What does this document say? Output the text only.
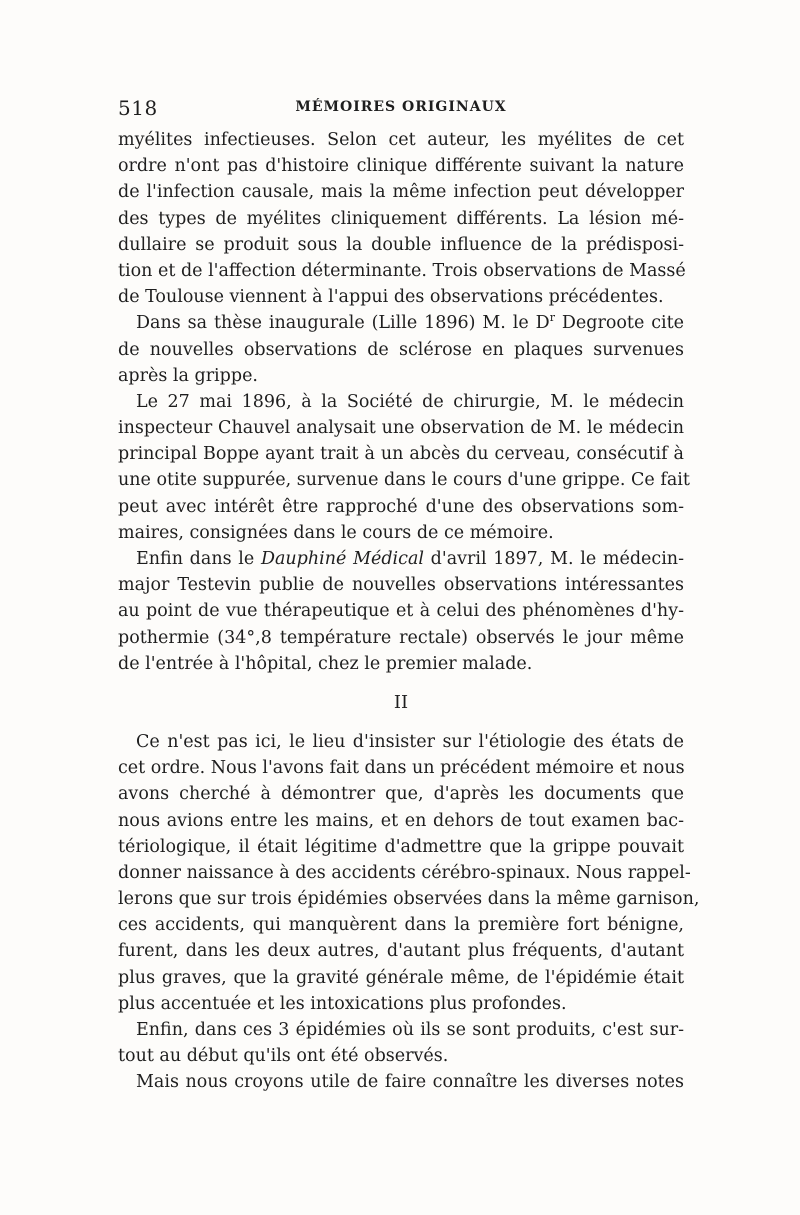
518	MÉMOIRES ORIGINAUX
myélites infectieuses. Selon cet auteur, les myélites de cet
ordre n'ont pas d'histoire clinique différente suivant la nature
de l'infection causale, mais la même infection peut développer
des types de myélites cliniquement différents. La lésion mé-
dullaire se produit sous la double influence de la prédisposi-
tion et de l'affection déterminante. Trois observations de Massé
de Toulouse viennent à l'appui des observations précédentes.
Dans sa thèse inaugurale (Lille 1896) M. le $D^r$ Degroote cite
de nouvelles observations de sclérose en plaques survenues
après la grippe.
Le 27 mai 1896, à la Société de chirurgie, M. le médecin
inspecteur Chauvel analysait une observation de M. le médecin
principal Boppe ayant trait à un abcès du cerveau, consécutif à
une otite suppurée, survenue dans le cours d'une grippe. Ce fait
peut avec intérêt être rapproché d'une des observations som-
maires, consignées dans le cours de ce mémoire.
Enfin dans le Dauphiné Médical d'avril 1897, M. le médecin-
major Testevin publie de nouvelles observations intéressantes
au point de vue thérapeutique et à celui des phénomènes d'hy-
pothermie (34°,8 température rectale) observés le jour même
de l'entrée à l'hôpital, chez le premier malade.
II
Ce n'est pas ici, le lieu d'insister sur l'étiologie des états de
cet ordre. Nous l'avons fait dans un précédent mémoire et nous
avons cherché à démontrer que, d'après les documents que
nous avions entre les mains, et en dehors de tout examen bac-
tériologique, il était légitime d'admettre que la grippe pouvait
donner naissance à des accidents cérébro-spinaux. Nous rappel-
lerons que sur trois épidémies observées dans la même garnison,
ces accidents, qui manquèrent dans la première fort bénigne,
furent, dans les deux autres, d'autant plus fréquents, d'autant
plus graves, que la gravité générale même, de l'épidémie était
plus accentuée et les intoxications plus profondes.
Enfin, dans ces 3 épidémies où ils se sont produits, c'est sur-
tout au début qu'ils ont été observés.
Mais nous croyons utile de faire connaître les diverses notes
